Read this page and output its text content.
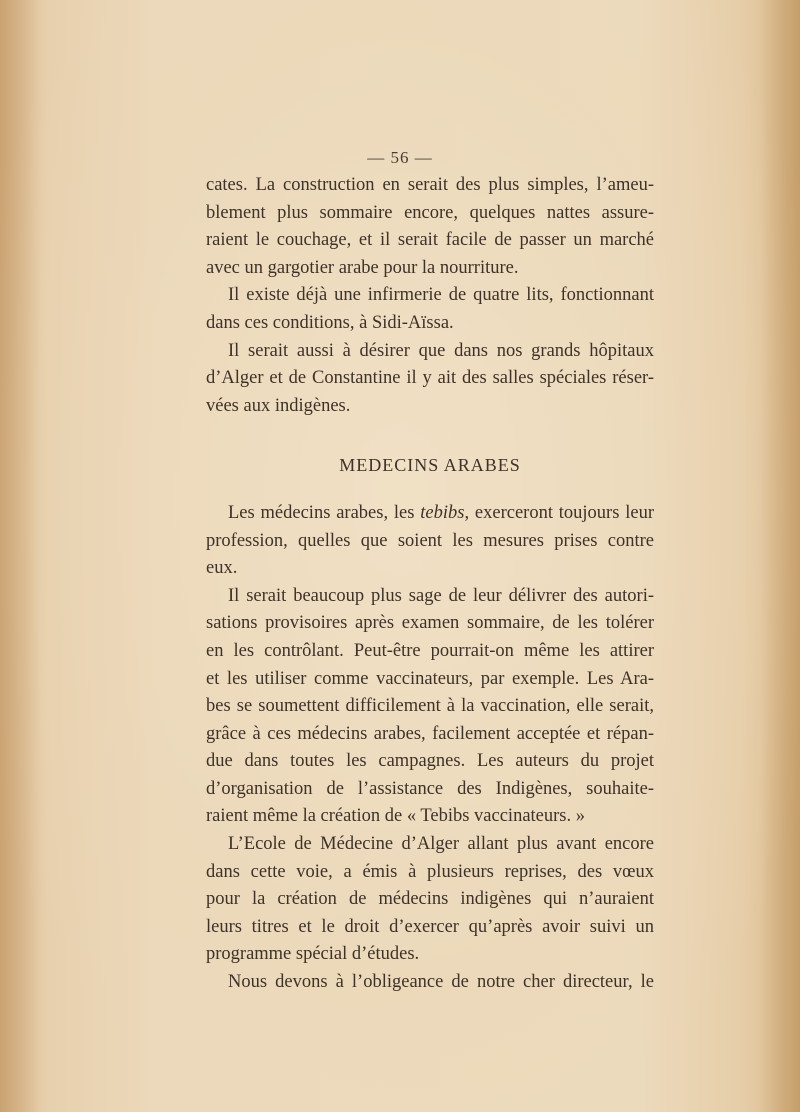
— 56 —
cates. La construction en serait des plus simples, l’ameu-
blement plus sommaire encore, quelques nattes assure-
raient le couchage, et il serait facile de passer un marché
avec un gargotier arabe pour la nourriture.
Il existe déjà une infirmerie de quatre lits, fonctionnant
dans ces conditions, à Sidi-Aïssa.
Il serait aussi à désirer que dans nos grands hôpitaux
d’Alger et de Constantine il y ait des salles spéciales réser-
vées aux indigènes.
MEDECINS ARABES
Les médecins arabes, les tebibs, exerceront toujours leur
profession, quelles que soient les mesures prises contre
eux.
Il serait beaucoup plus sage de leur délivrer des autori-
sations provisoires après examen sommaire, de les tolérer
en les contrôlant. Peut-être pourrait-on même les attirer
et les utiliser comme vaccinateurs, par exemple. Les Ara-
bes se soumettent difficilement à la vaccination, elle serait,
grâce à ces médecins arabes, facilement acceptée et répan-
due dans toutes les campagnes. Les auteurs du projet
d’organisation de l’assistance des Indigènes, souhaite-
raient même la création de « Tebibs vaccinateurs. »
L’Ecole de Médecine d’Alger allant plus avant encore
dans cette voie, a émis à plusieurs reprises, des vœux
pour la création de médecins indigènes qui n’auraient
leurs titres et le droit d’exercer qu’après avoir suivi un
programme spécial d’études.
Nous devons à l’obligeance de notre cher directeur, le
